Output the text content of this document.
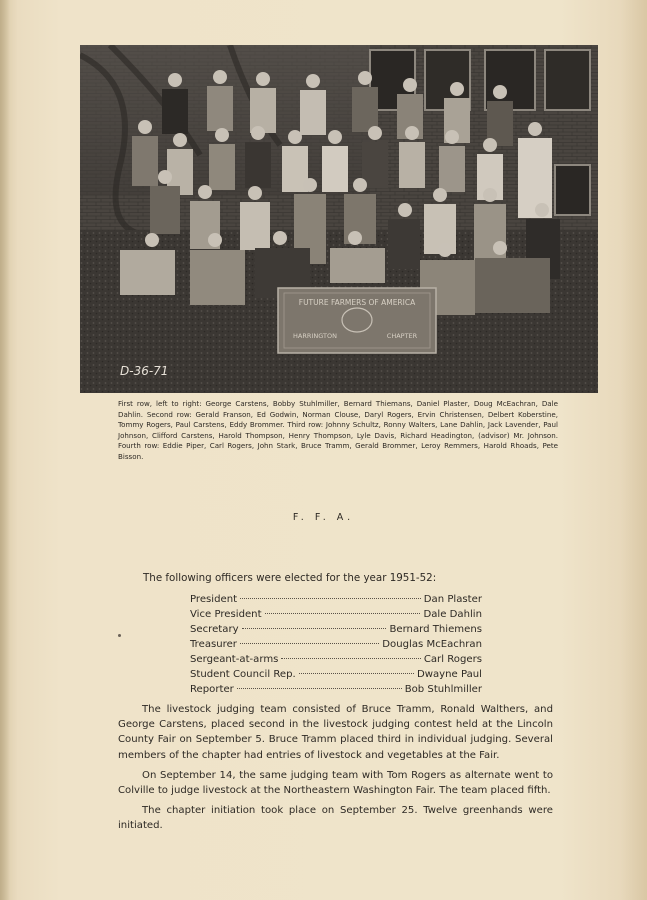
FUTURE FARMERS OF AMERICA
HARRINGTON	CHAPTER
D-36-71
First row, left to right: George Carstens, Bobby Stuhlmiller, Bernard Thiemans, Daniel Plaster, Doug McEachran, Dale Dahlin. Second row: Gerald Franson, Ed Godwin, Norman Clouse, Daryl Rogers, Ervin Christensen, Delbert Koberstine, Tommy Rogers, Paul Carstens, Eddy Brommer. Third row: Johnny Schultz, Ronny Walters, Lane Dahlin, Jack Lavender, Paul Johnson, Clifford Carstens, Harold Thompson, Henry Thompson, Lyle Davis, Richard Headington, (advisor) Mr. Johnson. Fourth row: Eddie Piper, Carl Rogers, John Stark, Bruce Tramm, Gerald Brommer, Leroy Remmers, Harold Rhoads, Pete Bisson.
F. F. A.
The following officers were elected for the year 1951-52:
President	Dan Plaster
Vice President	Dale Dahlin
Secretary	Bernard Thiemens
Treasurer	Douglas McEachran
Sergeant-at-arms	Carl Rogers
Student Council Rep.	Dwayne Paul
Reporter	Bob Stuhlmiller

The livestock judging team consisted of Bruce Tramm, Ronald Walthers, and George Carstens, placed second in the livestock judging contest held at the Lincoln County Fair on September 5. Bruce Tramm placed third in individual judging. Several members of the chapter had entries of livestock and vegetables at the Fair.

On September 14, the same judging team with Tom Rogers as alternate went to Colville to judge livestock at the Northeastern Washington Fair. The team placed fifth.

The chapter initiation took place on September 25. Twelve greenhands were initiated.
